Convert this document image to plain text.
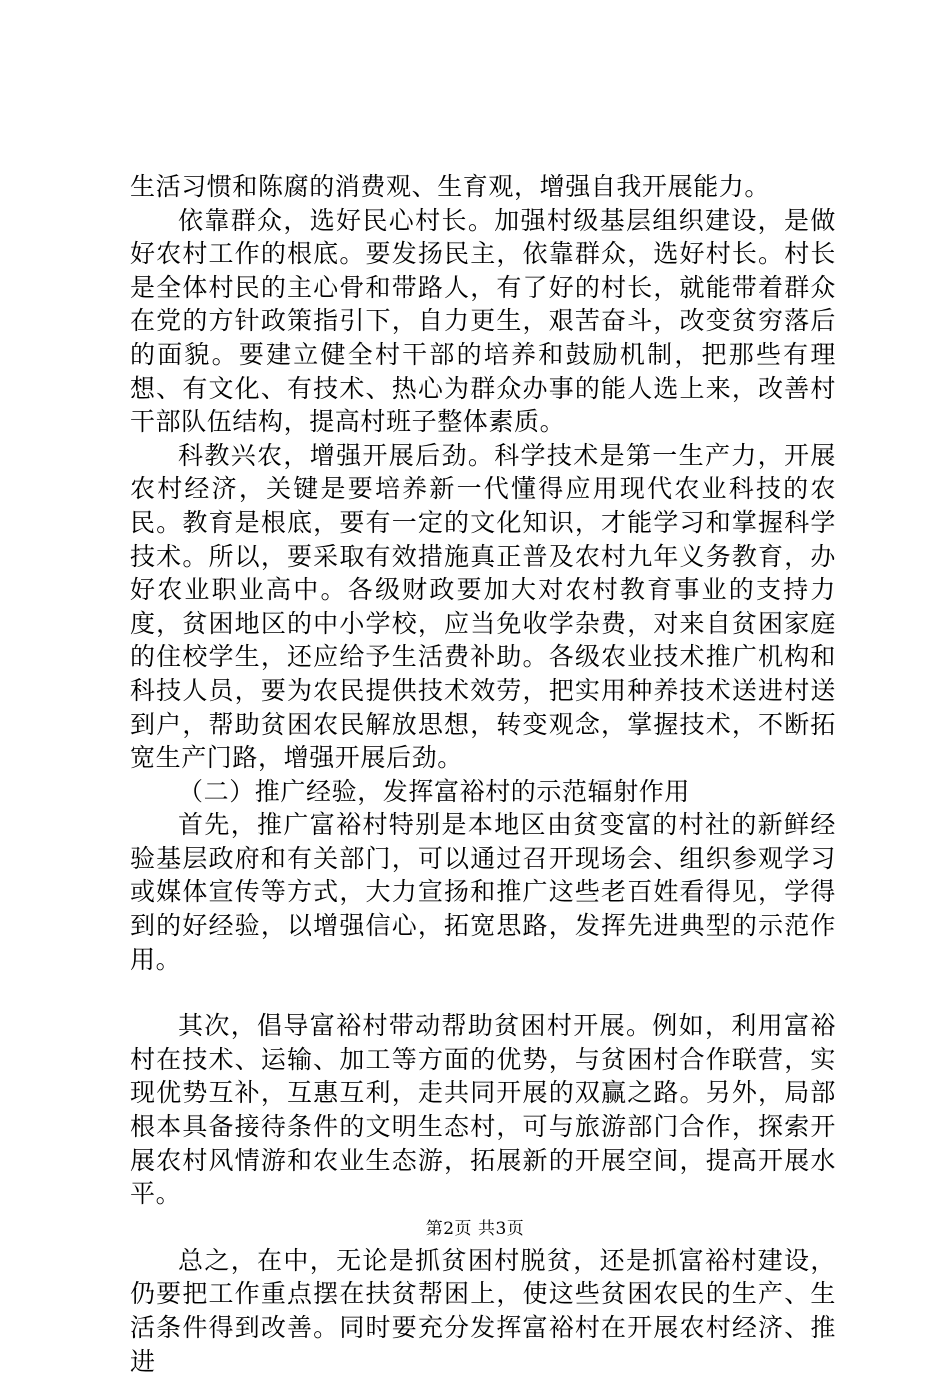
生活习惯和陈腐的消费观、生育观，增强自我开展能力。

依靠群众，选好民心村长。加强村级基层组织建设，是做好农村工作的根底。要发扬民主，依靠群众，选好村长。村长是全体村民的主心骨和带路人，有了好的村长，就能带着群众在党的方针政策指引下，自力更生，艰苦奋斗，改变贫穷落后的面貌。要建立健全村干部的培养和鼓励机制，把那些有理想、有文化、有技术、热心为群众办事的能人选上来，改善村干部队伍结构，提高村班子整体素质。

科教兴农，增强开展后劲。科学技术是第一生产力，开展农村经济，关键是要培养新一代懂得应用现代农业科技的农民。教育是根底，要有一定的文化知识，才能学习和掌握科学技术。所以，要采取有效措施真正普及农村九年义务教育，办好农业职业高中。各级财政要加大对农村教育事业的支持力度，贫困地区的中小学校，应当免收学杂费，对来自贫困家庭的住校学生，还应给予生活费补助。各级农业技术推广机构和科技人员，要为农民提供技术效劳，把实用种养技术送进村送到户，帮助贫困农民解放思想，转变观念，掌握技术，不断拓宽生产门路，增强开展后劲。

（二）推广经验，发挥富裕村的示范辐射作用

首先，推广富裕村特别是本地区由贫变富的村社的新鲜经验基层政府和有关部门，可以通过召开现场会、组织参观学习或媒体宣传等方式，大力宣扬和推广这些老百姓看得见，学得到的好经验，以增强信心，拓宽思路，发挥先进典型的示范作用。

其次，倡导富裕村带动帮助贫困村开展。例如，利用富裕村在技术、运输、加工等方面的优势，与贫困村合作联营，实现优势互补，互惠互利，走共同开展的双赢之路。另外，局部根本具备接待条件的文明生态村，可与旅游部门合作，探索开展农村风情游和农业生态游，拓展新的开展空间，提高开展水平。

总之，在中，无论是抓贫困村脱贫，还是抓富裕村建设，仍要把工作重点摆在扶贫帮困上，使这些贫困农民的生产、生活条件得到改善。同时要充分发挥富裕村在开展农村经济、推进

第2页 共3页
